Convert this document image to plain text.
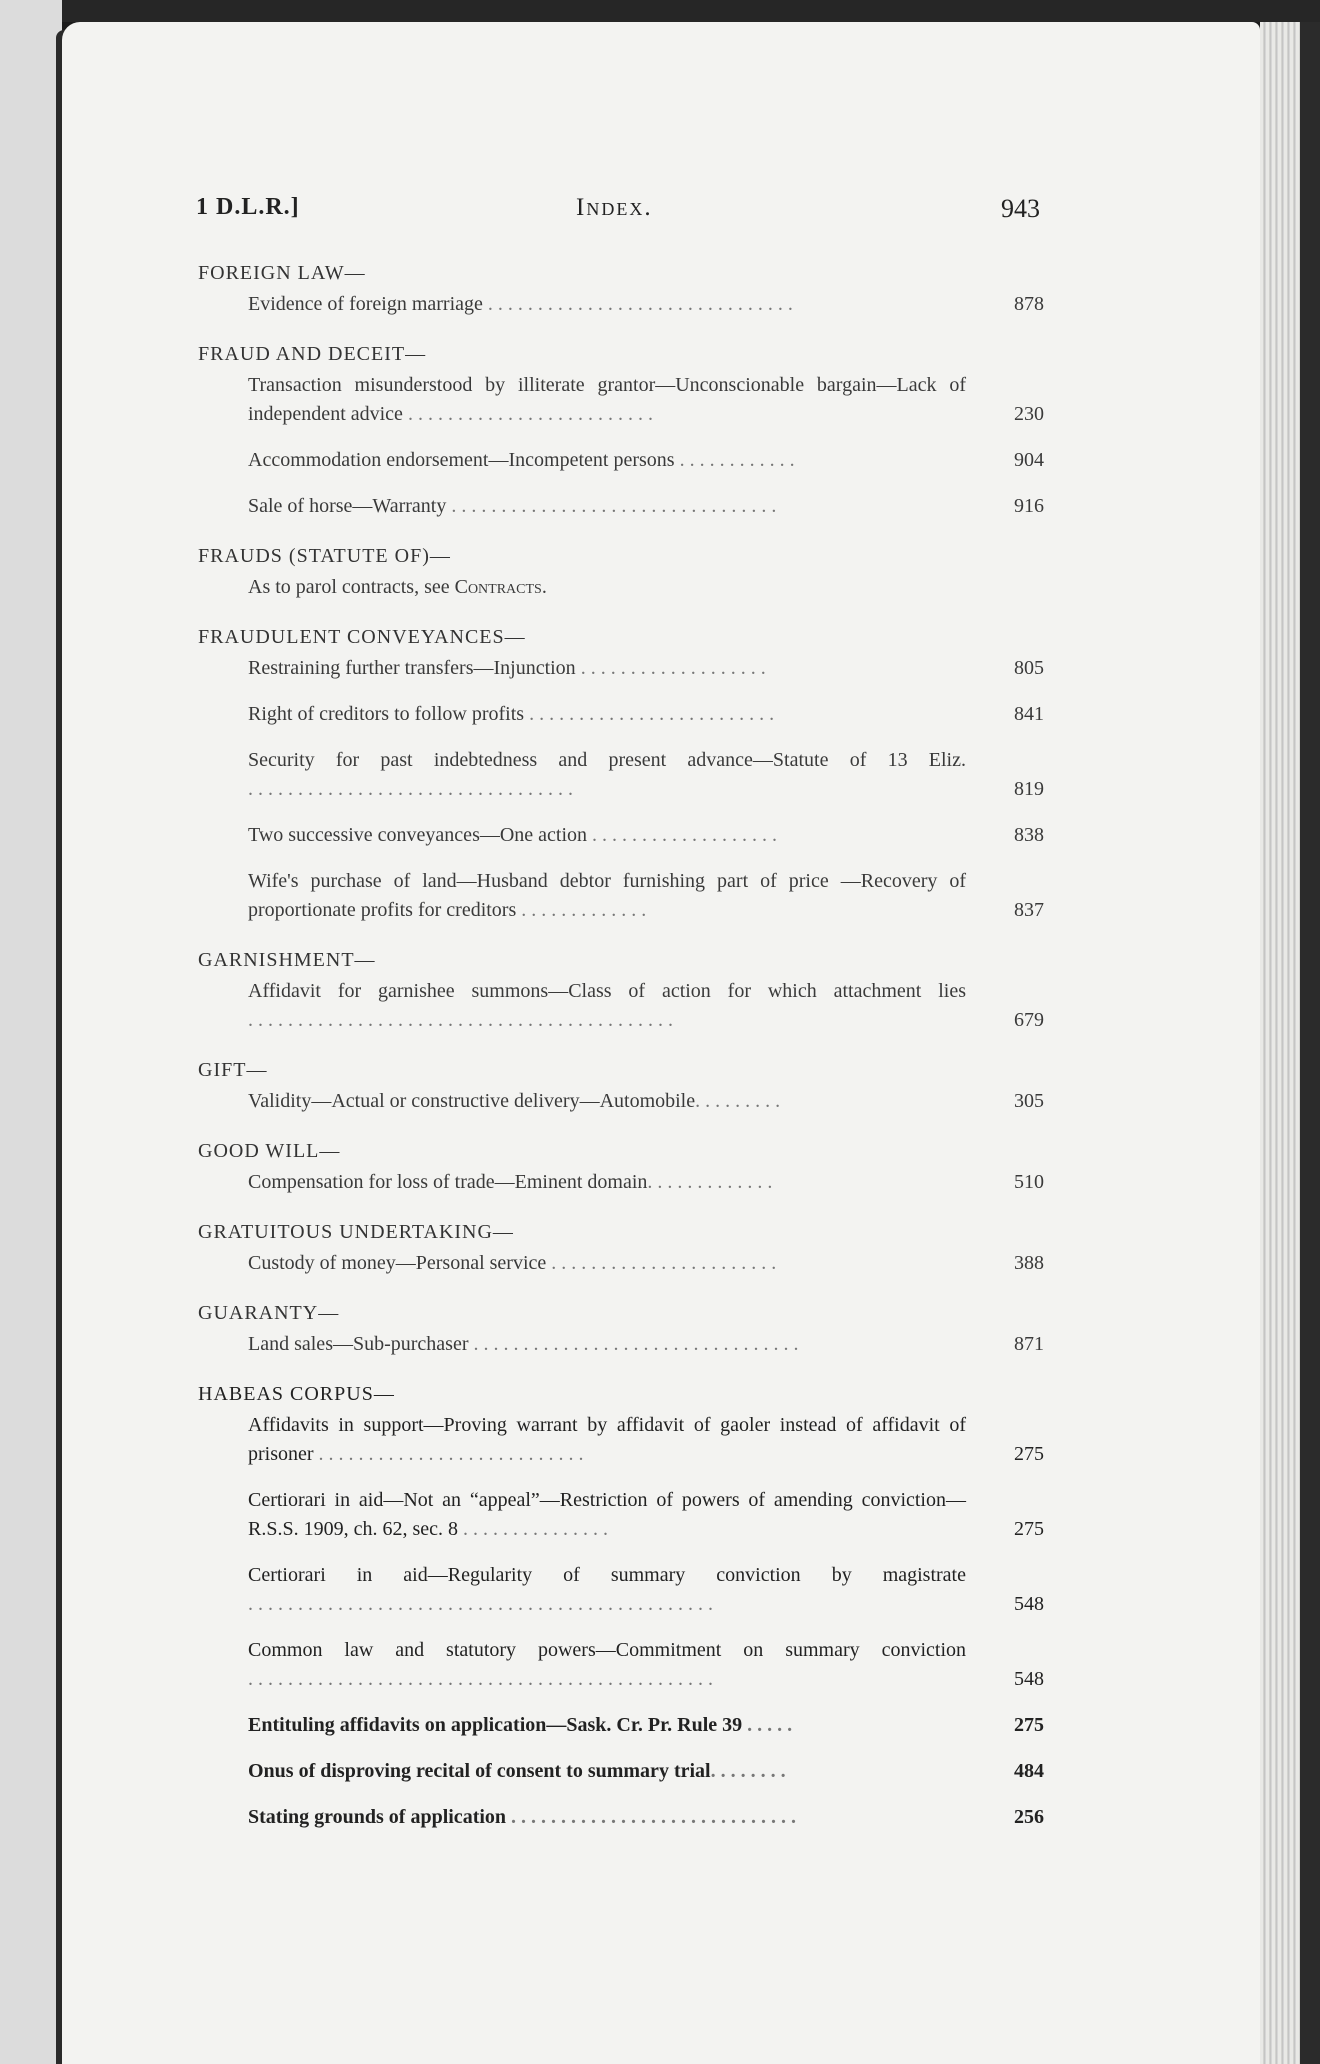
1 D.L.R.]	Index.	943
FOREIGN LAW—
Evidence of foreign marriage ...............................	878
FRAUD AND DECEIT—
Transaction misunderstood by illiterate grantor—Unconscionable bargain—Lack of independent advice .........................	230
Accommodation endorsement—Incompetent persons ............	904
Sale of horse—Warranty .................................	916
FRAUDS (STATUTE OF)—
As to parol contracts, see Contracts.
FRAUDULENT CONVEYANCES—
Restraining further transfers—Injunction ...................	805
Right of creditors to follow profits .........................	841
Security for past indebtedness and present advance—Statute of 13 Eliz. .................................	819
Two successive conveyances—One action ...................	838
Wife's purchase of land—Husband debtor furnishing part of price —Recovery of proportionate profits for creditors .............	837
GARNISHMENT—
Affidavit for garnishee summons—Class of action for which attachment lies ...........................................	679
GIFT—
Validity—Actual or constructive delivery—Automobile.........	305
GOOD WILL—
Compensation for loss of trade—Eminent domain.............	510
GRATUITOUS UNDERTAKING—
Custody of money—Personal service .......................	388
GUARANTY—
Land sales—Sub-purchaser .................................	871
HABEAS CORPUS—
Affidavits in support—Proving warrant by affidavit of gaoler instead of affidavit of prisoner ...........................	275
Certiorari in aid—Not an “appeal”—Restriction of powers of amending conviction—R.S.S. 1909, ch. 62, sec. 8 ...............	275
Certiorari in aid—Regularity of summary conviction by magistrate ...............................................	548
Common law and statutory powers—Commitment on summary conviction ...............................................	548
Entituling affidavits on application—Sask. Cr. Pr. Rule 39 .....	275
Onus of disproving recital of consent to summary trial........	484
Stating grounds of application .............................	256
